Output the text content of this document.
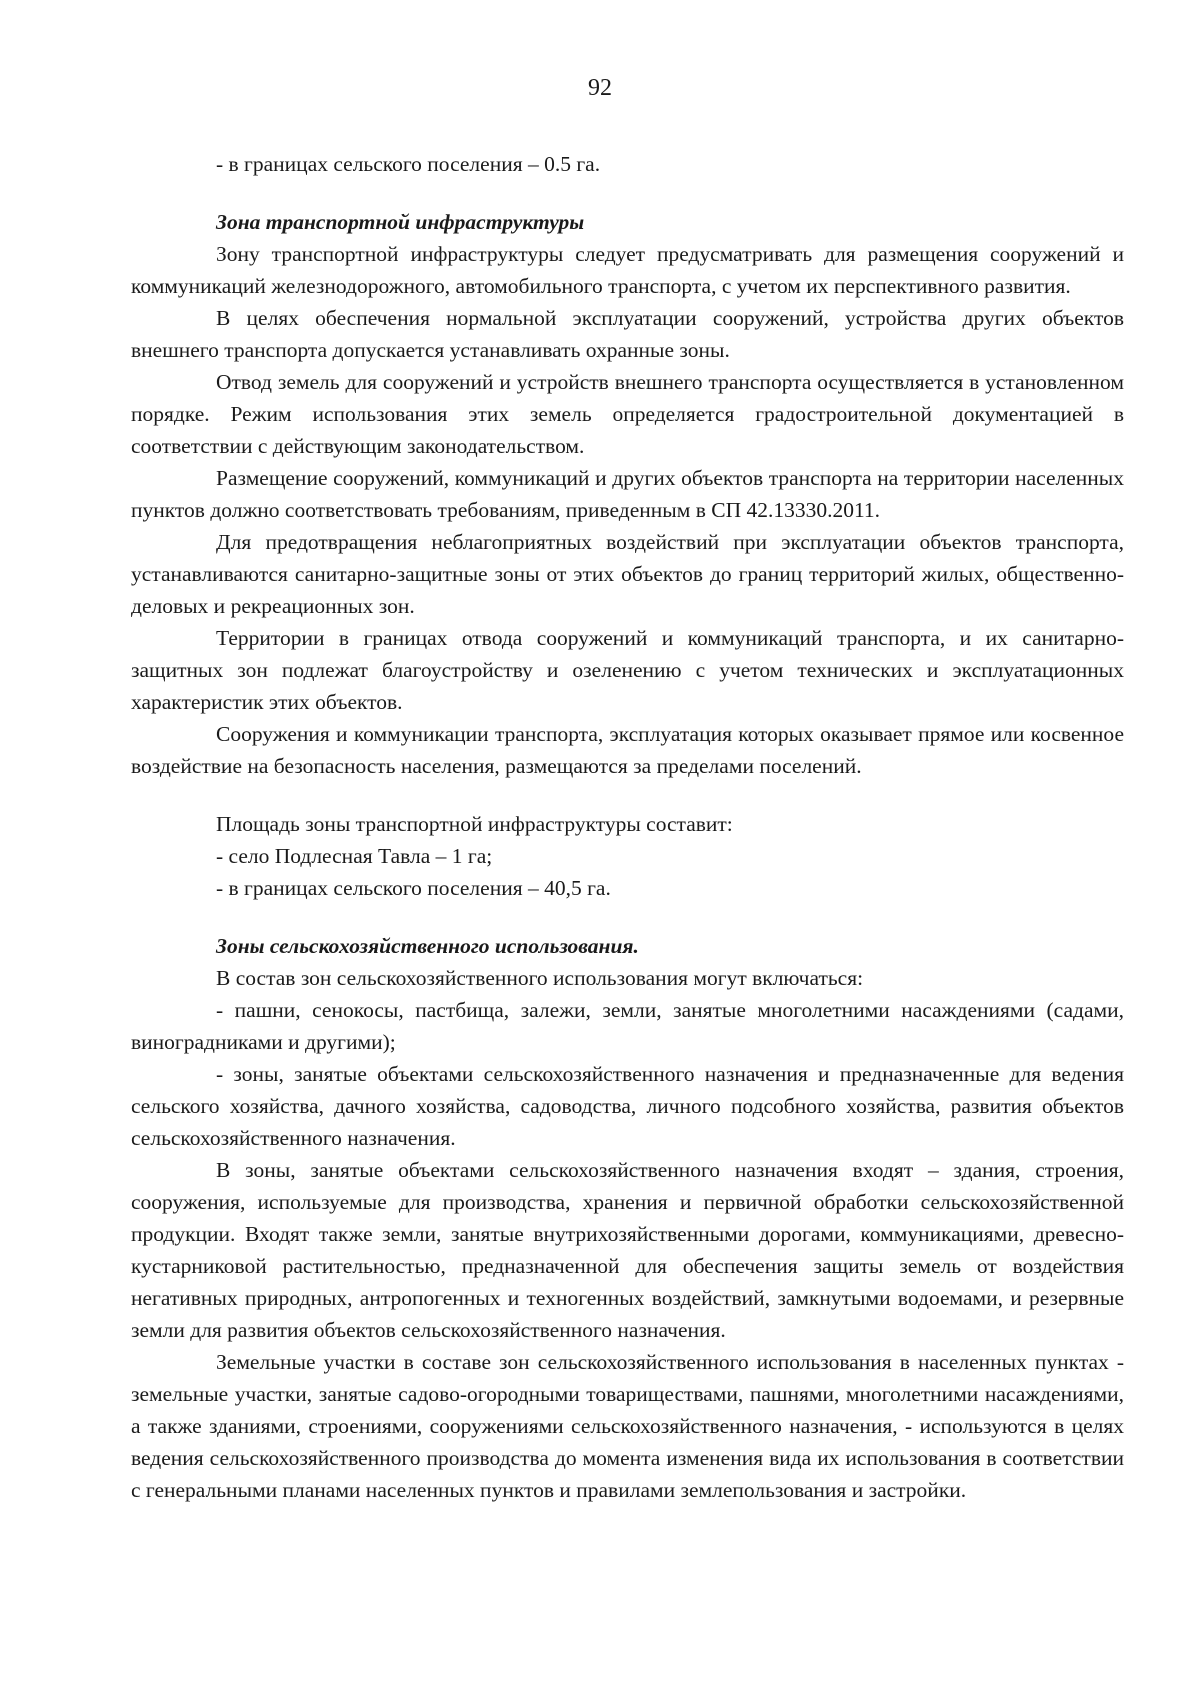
92

- в границах сельского поселения – 0.5 га.

Зона транспортной инфраструктуры

Зону транспортной инфраструктуры следует предусматривать для размещения сооружений и коммуникаций железнодорожного, автомобильного транспорта, с учетом их перспективного развития.

В целях обеспечения нормальной эксплуатации сооружений, устройства других объектов внешнего транспорта допускается устанавливать охранные зоны.

Отвод земель для сооружений и устройств внешнего транспорта осуществляется в установленном порядке. Режим использования этих земель определяется градостроительной документацией в соответствии с действующим законодательством.

Размещение сооружений, коммуникаций и других объектов транспорта на территории населенных пунктов должно соответствовать требованиям, приведенным в СП 42.13330.2011.

Для предотвращения неблагоприятных воздействий при эксплуатации объектов транспорта, устанавливаются санитарно-защитные зоны от этих объектов до границ территорий жилых, общественно-деловых и рекреационных зон.

Территории в границах отвода сооружений и коммуникаций транспорта, и их санитарно-защитных зон подлежат благоустройству и озеленению с учетом технических и эксплуатационных характеристик этих объектов.

Сооружения и коммуникации транспорта, эксплуатация которых оказывает прямое или косвенное воздействие на безопасность населения, размещаются за пределами поселений.

Площадь зоны транспортной инфраструктуры составит:

- село Подлесная Тавла – 1 га;

- в границах сельского поселения – 40,5 га.

Зоны сельскохозяйственного использования.

В состав зон сельскохозяйственного использования могут включаться:

- пашни, сенокосы, пастбища, залежи, земли, занятые многолетними насаждениями (садами, виноградниками и другими);

- зоны, занятые объектами сельскохозяйственного назначения и предназначенные для ведения сельского хозяйства, дачного хозяйства, садоводства, личного подсобного хозяйства, развития объектов сельскохозяйственного назначения.

В зоны, занятые объектами сельскохозяйственного назначения входят – здания, строения, сооружения, используемые для производства, хранения и первичной обработки сельскохозяйственной продукции. Входят также земли, занятые внутрихозяйственными дорогами, коммуникациями, древесно-кустарниковой растительностью, предназначенной для обеспечения защиты земель от воздействия негативных природных, антропогенных и техногенных воздействий, замкнутыми водоемами, и резервные земли для развития объектов сельскохозяйственного назначения.

Земельные участки в составе зон сельскохозяйственного использования в населенных пунктах - земельные участки, занятые садово-огородными товариществами, пашнями, многолетними насаждениями, а также зданиями, строениями, сооружениями сельскохозяйственного назначения, - используются в целях ведения сельскохозяйственного производства до момента изменения вида их использования в соответствии с генеральными планами населенных пунктов и правилами землепользования и застройки.
